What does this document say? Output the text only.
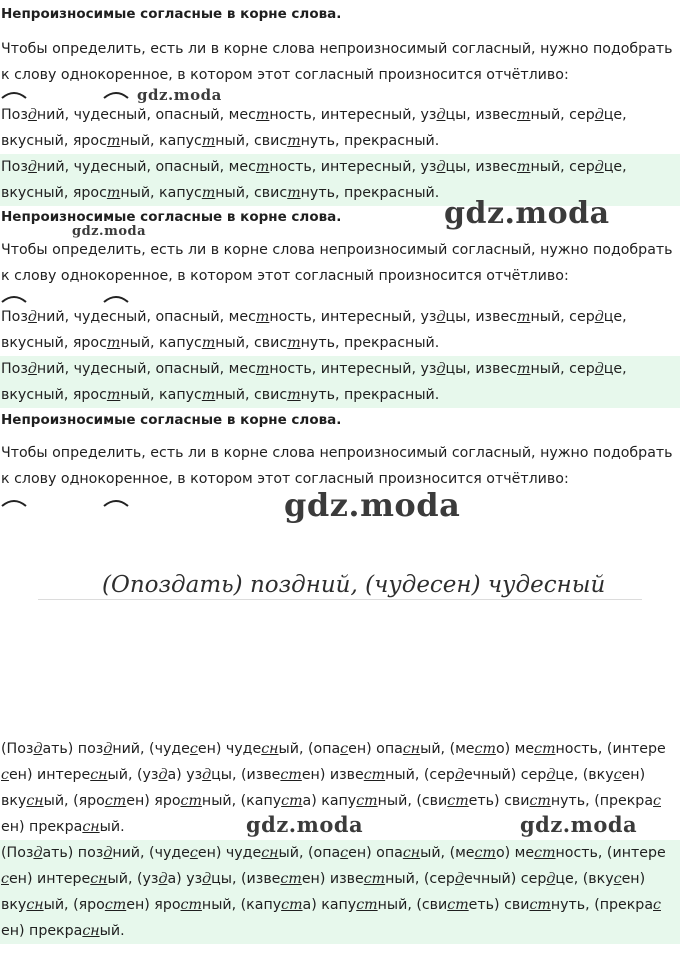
Непроизносимые согласные в корне слова.
Чтобы определить, есть ли в корне слова непроизносимый согласный, нужно подобрать
к слову однокоренное, в котором этот согласный произносится отчётливо:
gdz.moda
Поздний, чудесный, опасный, местность, интересный, уздцы, известный, сердце,
вкусный, яростный, капустный, свистнуть, прекрасный.
Поздний, чудесный, опасный, местность, интересный, уздцы, известный, сердце,
вкусный, яростный, капустный, свистнуть, прекрасный.
Непроизносимые согласные в корне слова.	gdz.moda
gdz.moda
Чтобы определить, есть ли в корне слова непроизносимый согласный, нужно подобрать
к слову однокоренное, в котором этот согласный произносится отчётливо:
Поздний, чудесный, опасный, местность, интересный, уздцы, известный, сердце,
вкусный, яростный, капустный, свистнуть, прекрасный.
Поздний, чудесный, опасный, местность, интересный, уздцы, известный, сердце,
вкусный, яростный, капустный, свистнуть, прекрасный.
Непроизносимые согласные в корне слова.
Чтобы определить, есть ли в корне слова непроизносимый согласный, нужно подобрать
к слову однокоренное, в котором этот согласный произносится отчётливо:
gdz.moda
(Опоздать) поздний, (чудесен) чудесный
(Поздать) поздний, (чудесен) чудесный, (опасен) опасный, (место) местность, (интере
сен) интересный, (узда) уздцы, (известен) известный, (сердечный) сердце, (вкусен)
вкусный, (яростен) яростный, (капуста) капустный, (свистеть) свистнуть, (прекрас
ен) прекрасный.	gdz.moda	gdz.moda
(Поздать) поздний, (чудесен) чудесный, (опасен) опасный, (место) местность, (интере
сен) интересный, (узда) уздцы, (известен) известный, (сердечный) сердце, (вкусен)
вкусный, (яростен) яростный, (капуста) капустный, (свистеть) свистнуть, (прекрас
ен) прекрасный.
